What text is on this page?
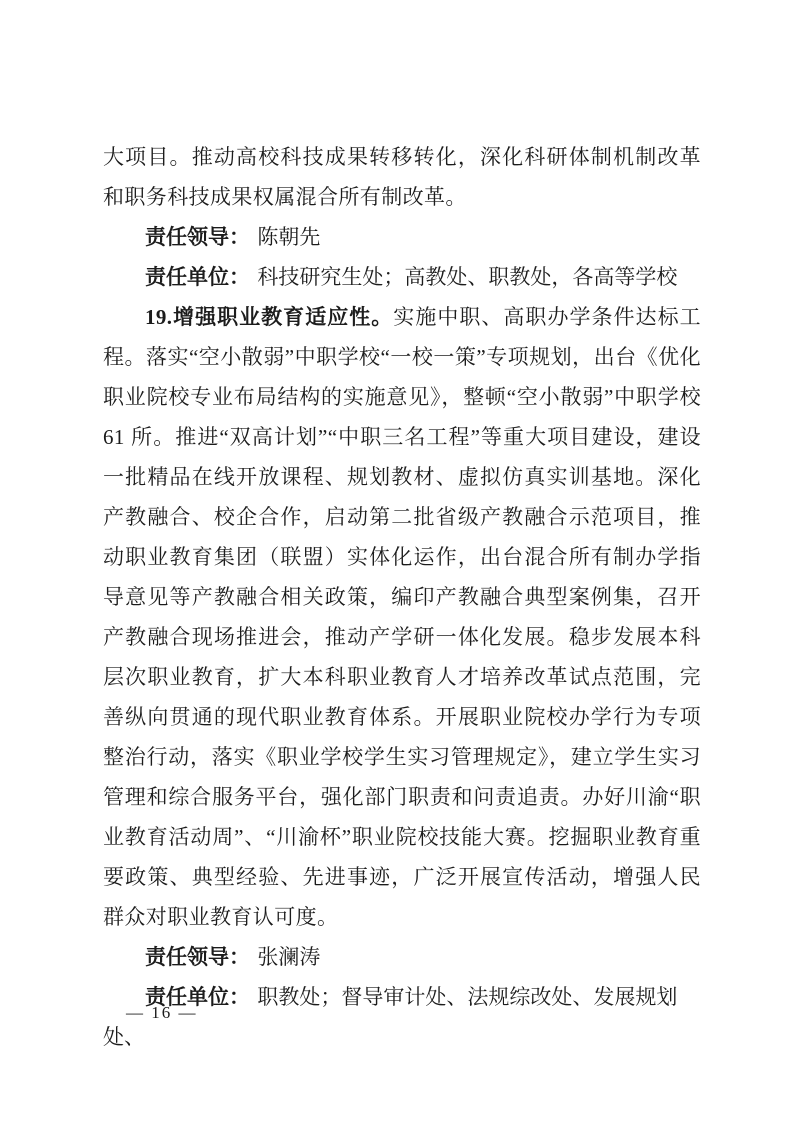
大项目。推动高校科技成果转移转化，深化科研体制机制改革和职务科技成果权属混合所有制改革。

责任领导： 陈朝先

责任单位： 科技研究生处；高教处、职教处，各高等学校

19.增强职业教育适应性。实施中职、高职办学条件达标工程。落实“空小散弱”中职学校“一校一策”专项规划，出台《优化职业院校专业布局结构的实施意见》，整顿“空小散弱”中职学校61 所。推进“双高计划”“中职三名工程”等重大项目建设，建设一批精品在线开放课程、规划教材、虚拟仿真实训基地。深化产教融合、校企合作，启动第二批省级产教融合示范项目，推动职业教育集团（联盟）实体化运作，出台混合所有制办学指导意见等产教融合相关政策，编印产教融合典型案例集，召开产教融合现场推进会，推动产学研一体化发展。稳步发展本科层次职业教育，扩大本科职业教育人才培养改革试点范围，完善纵向贯通的现代职业教育体系。开展职业院校办学行为专项整治行动，落实《职业学校学生实习管理规定》，建立学生实习管理和综合服务平台，强化部门职责和问责追责。办好川渝“职业教育活动周”、“川渝杯”职业院校技能大赛。挖掘职业教育重要政策、典型经验、先进事迹，广泛开展宣传活动，增强人民群众对职业教育认可度。

责任领导： 张澜涛

责任单位： 职教处；督导审计处、法规综改处、发展规划处、

— 16 —
